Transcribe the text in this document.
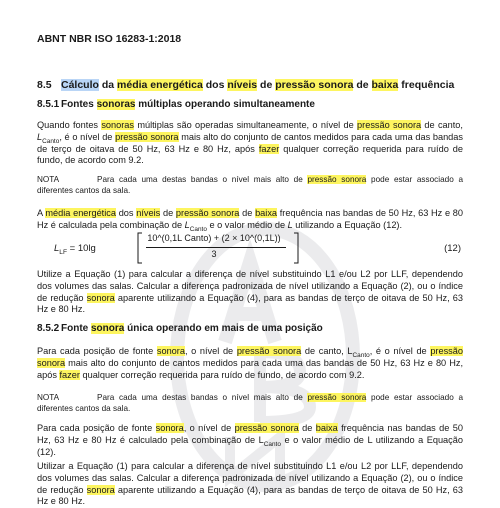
ABNT NBR ISO 16283-1:2018
8.5 Cálculo da média energética dos níveis de pressão sonora de baixa frequência
8.5.1 Fontes sonoras múltiplas operando simultaneamente

Quando fontes sonoras múltiplas são operadas simultaneamente, o nível de pressão sonora de canto, $L_{Canto}$, é o nível de pressão sonora mais alto do conjunto de cantos medidos para cada uma das bandas de terço de oitava de 50 Hz, 63 Hz e 80 Hz, após fazer qualquer correção requerida para ruído de fundo, de acordo com 9.2.

NOTA	Para cada uma destas bandas o nível mais alto de pressão sonora pode estar associado a diferentes cantos da sala.

A média energética dos níveis de pressão sonora de baixa frequência nas bandas de 50 Hz, 63 Hz e 80 Hz é calculada pela combinação de $L_{Canto}$ e o valor médio de L utilizando a Equação (12).

$L_{LF} = 10\lg$
10^(0,1L Canto) + (2 × 10^(0,1L))
3	(12)

Utilize a Equação (1) para calcular a diferença de nível substituindo L1 e/ou L2 por LLF, dependendo dos volumes das salas. Calcular a diferença padronizada de nível utilizando a Equação (2), ou o índice de redução sonora aparente utilizando a Equação (4), para as bandas de terço de oitava de 50 Hz, 63 Hz e 80 Hz.

8.5.2 Fonte sonora única operando em mais de uma posição

Para cada posição de fonte sonora, o nível de pressão sonora de canto, $L_{Canto}$, é o nível de pressão sonora mais alto do conjunto de cantos medidos para cada uma das bandas de 50 Hz, 63 Hz e 80 Hz, após fazer qualquer correção requerida para ruído de fundo, de acordo com 9.2.

NOTA	Para cada uma destas bandas o nível mais alto de pressão sonora pode estar associado a diferentes cantos da sala.

Para cada posição de fonte sonora, o nível de pressão sonora de baixa frequência nas bandas de 50 Hz, 63 Hz e 80 Hz é calculado pela combinação de $L_{Canto}$ e o valor médio de L utilizando a Equação (12).

Utilizar a Equação (1) para calcular a diferença de nível substituindo L1 e/ou L2 por LLF, dependendo dos volumes das salas. Calcular a diferença padronizada de nível utilizando a Equação (2), ou o índice de redução sonora aparente utilizando a Equação (4), para as bandas de terço de oitava de 50 Hz, 63 Hz e 80 Hz.
